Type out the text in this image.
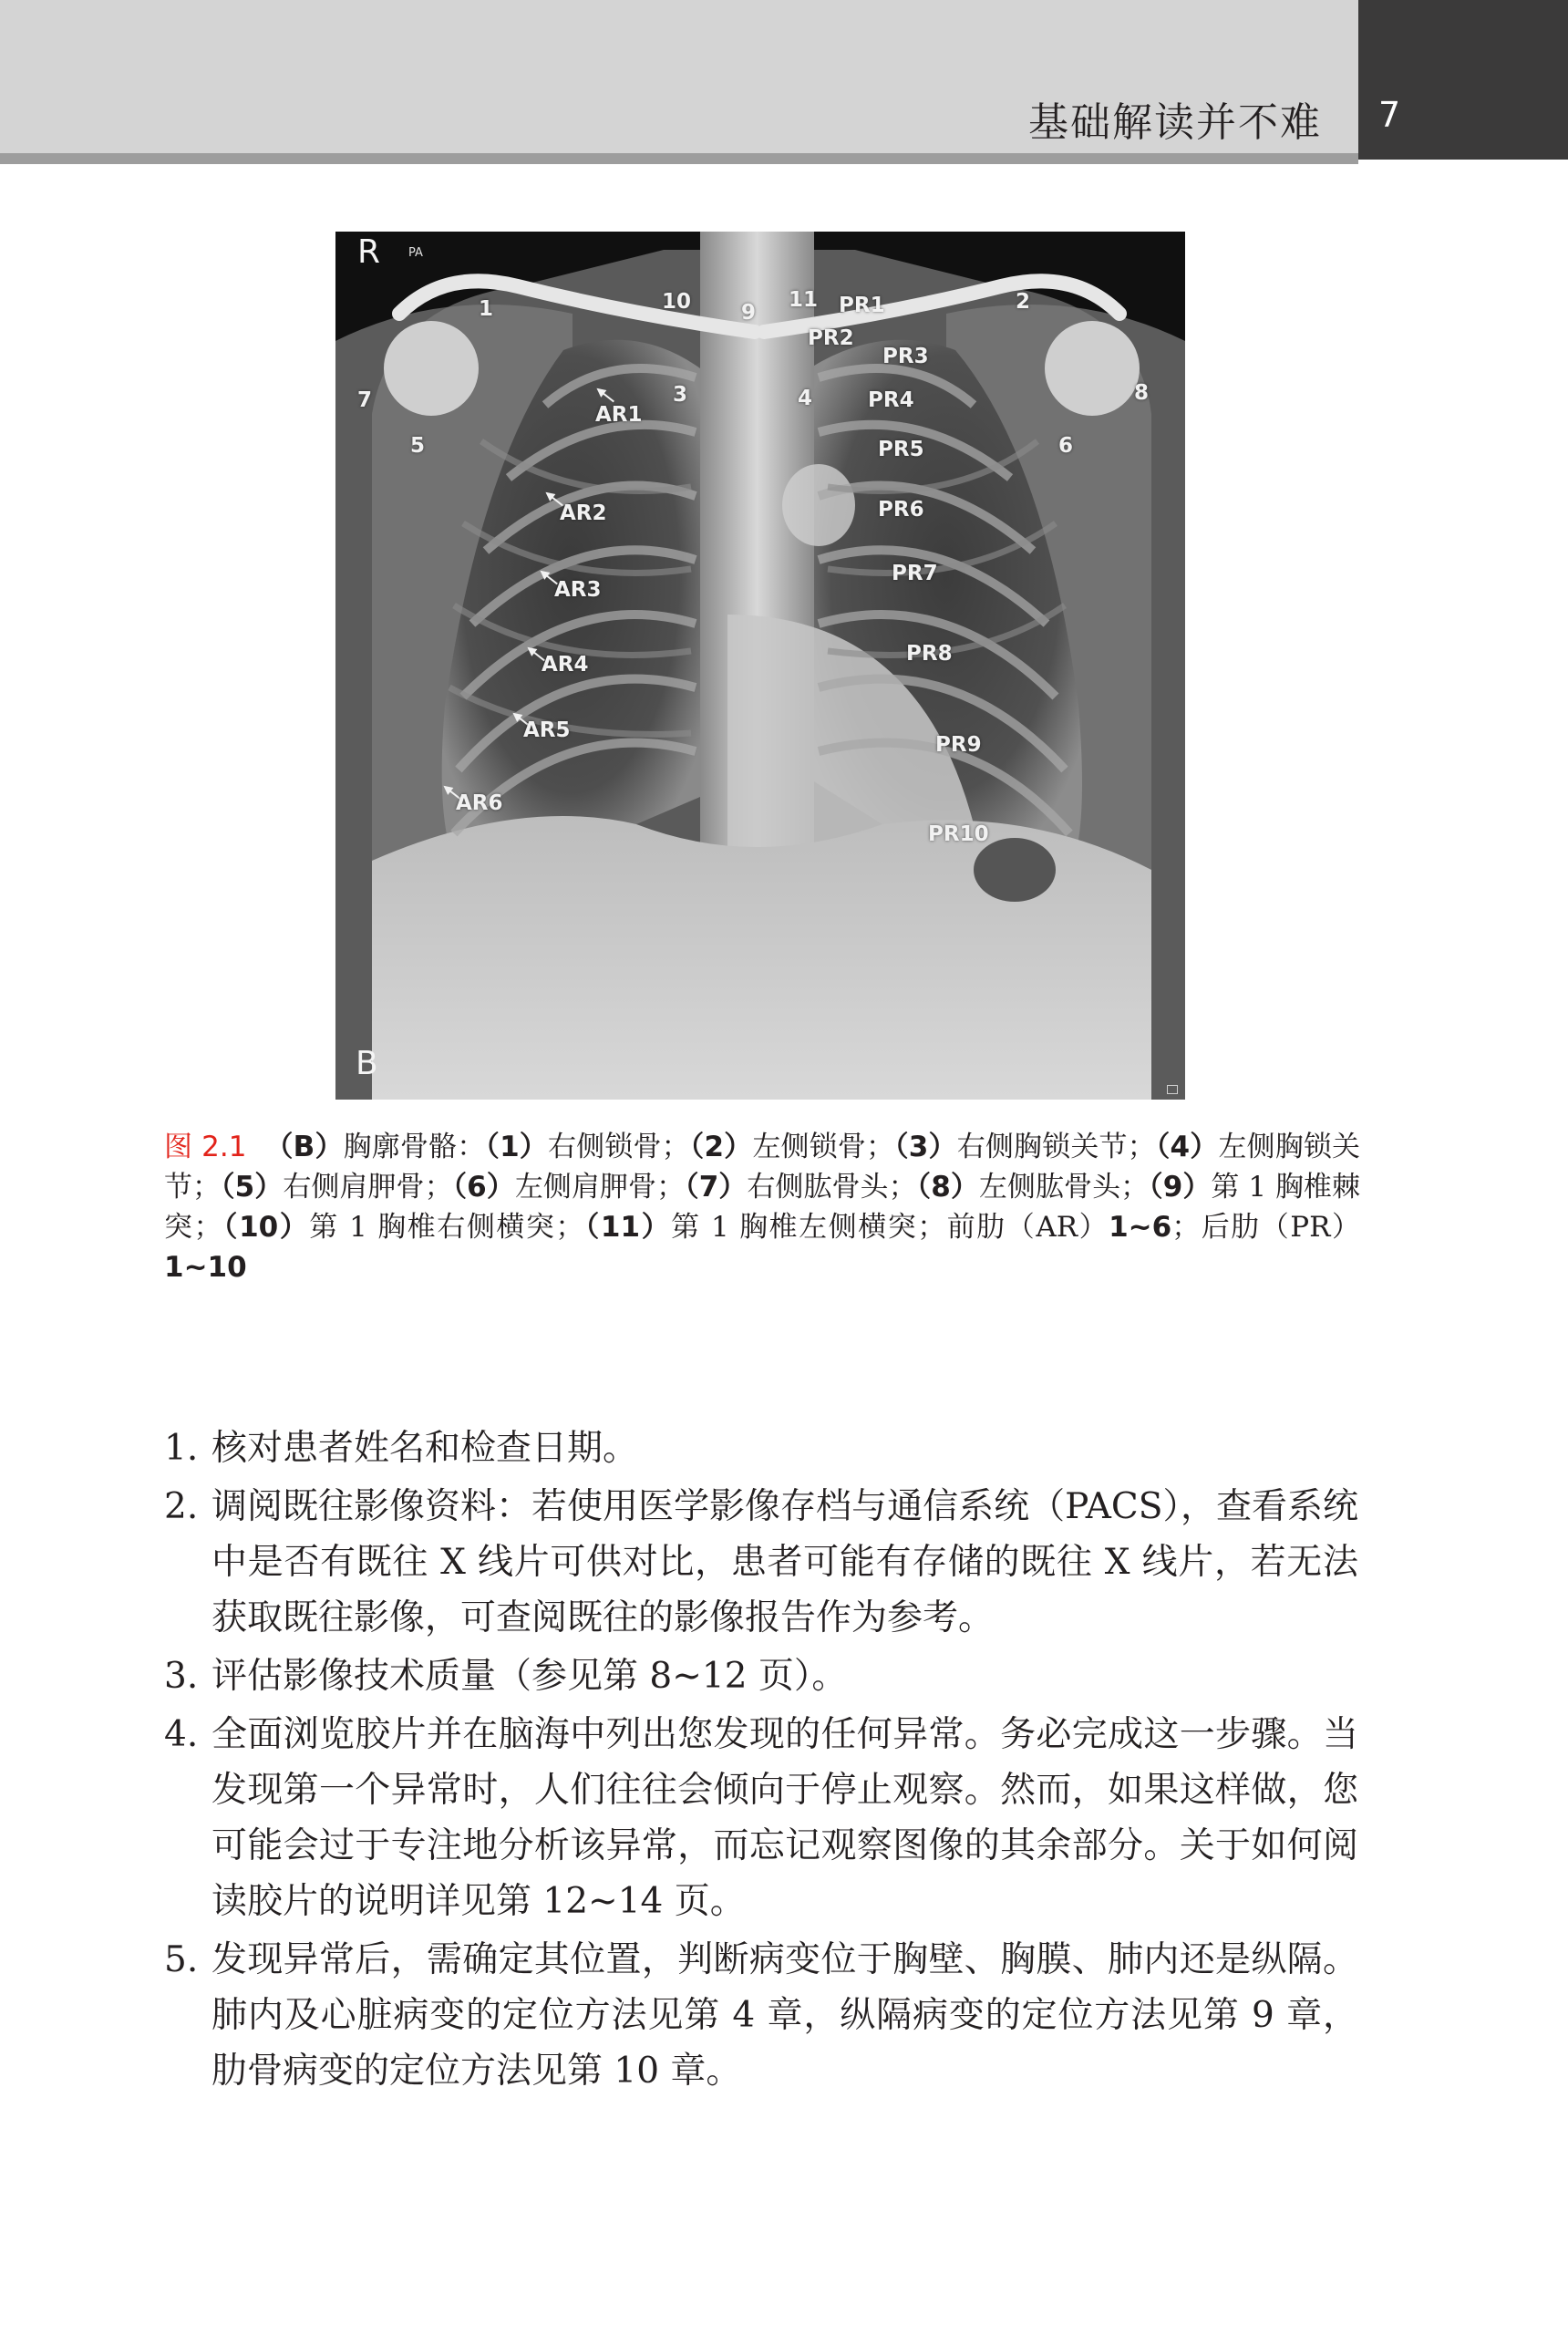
基础解读并不难 7
R PA
B
1	2
3	4
5	6
7	8
9
10	11
AR1
AR2
AR3
AR4
AR5
AR6
PR1
PR2
PR3
PR4
PR5
PR6
PR7
PR8
PR9
PR10
图 2.1 （B）胸廓骨骼：（1）右侧锁骨；（2）左侧锁骨；（3）右侧胸锁关节；（4）左侧胸锁关节；（5）右侧肩胛骨；（6）左侧肩胛骨；（7）右侧肱骨头；（8）左侧肱骨头；（9）第 1 胸椎棘突；（10）第 1 胸椎右侧横突；（11）第 1 胸椎左侧横突；前肋（AR）1~6；后肋（PR）1~10
1. 核对患者姓名和检查日期。
2. 调阅既往影像资料：若使用医学影像存档与通信系统（PACS），查看系统中是否有既往 X 线片可供对比，患者可能有存储的既往 X 线片，若无法获取既往影像，可查阅既往的影像报告作为参考。
3. 评估影像技术质量（参见第 8~12 页）。
4. 全面浏览胶片并在脑海中列出您发现的任何异常。务必完成这一步骤。当发现第一个异常时，人们往往会倾向于停止观察。然而，如果这样做，您可能会过于专注地分析该异常，而忘记观察图像的其余部分。关于如何阅读胶片的说明详见第 12~14 页。
5. 发现异常后，需确定其位置，判断病变位于胸壁、胸膜、肺内还是纵隔。肺内及心脏病变的定位方法见第 4 章，纵隔病变的定位方法见第 9 章，肋骨病变的定位方法见第 10 章。
